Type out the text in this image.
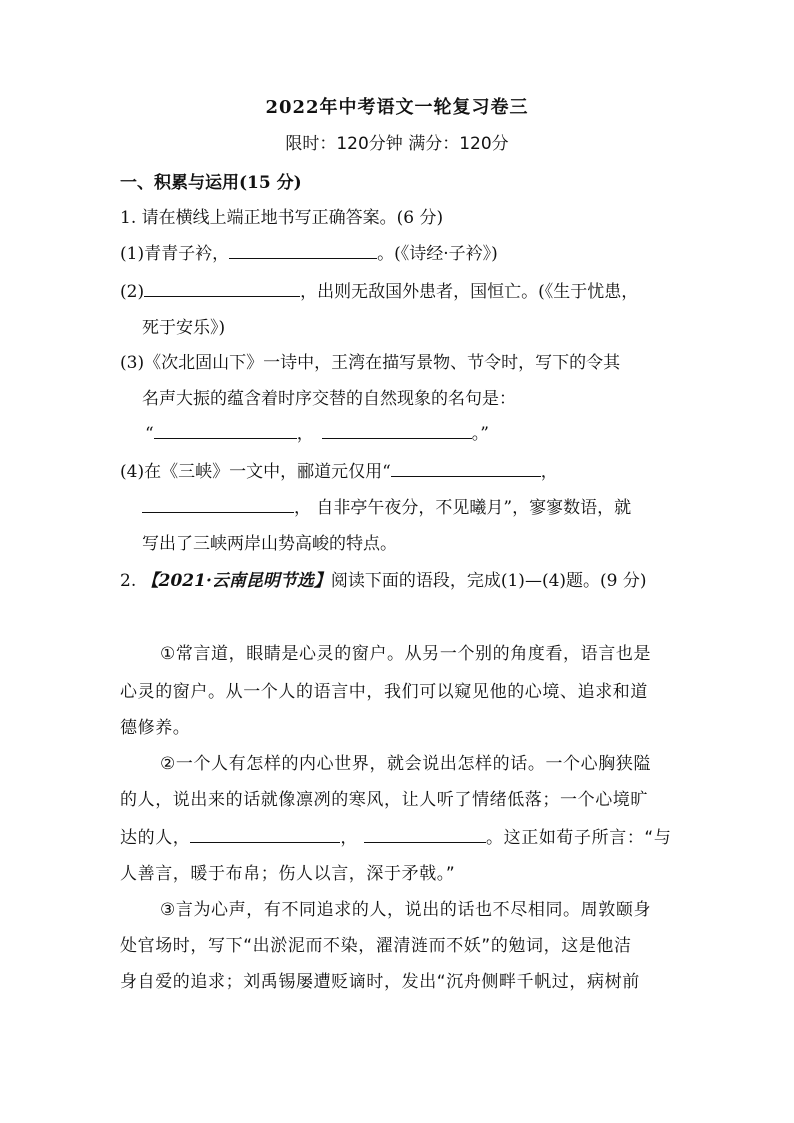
2022年中考语文一轮复习卷三
限时：120分钟 满分：120分
一、积累与运用(15 分)
1. 请在横线上端正地书写正确答案。(6 分)
(1)青青子衿，	。(《诗经·子衿》)
(2)	，出则无敌国外患者，国恒亡。(《生于忧患，
死于安乐》)
(3)《次北固山下》一诗中，王湾在描写景物、节令时，写下的令其
名声大振的蕴含着时序交替的自然现象的名句是：
“	，	。”
(4)在《三峡》一文中，郦道元仅用“	，
， 自非亭午夜分，不见曦月”，寥寥数语，就
写出了三峡两岸山势高峻的特点。
2. 【2021·云南昆明节选】阅读下面的语段，完成(1)—(4)题。(9 分)
①常言道，眼睛是心灵的窗户。从另一个别的角度看，语言也是
心灵的窗户。从一个人的语言中，我们可以窥见他的心境、追求和道
德修养。
②一个人有怎样的内心世界，就会说出怎样的话。一个心胸狭隘
的人，说出来的话就像凛冽的寒风，让人听了情绪低落；一个心境旷
达的人，	，	。这正如荀子所言：“与
人善言，暖于布帛；伤人以言，深于矛戟。”
③言为心声，有不同追求的人，说出的话也不尽相同。周敦颐身
处官场时，写下“出淤泥而不染，濯清涟而不妖”的勉词，这是他洁
身自爱的追求；刘禹锡屡遭贬谪时，发出“沉舟侧畔千帆过，病树前
